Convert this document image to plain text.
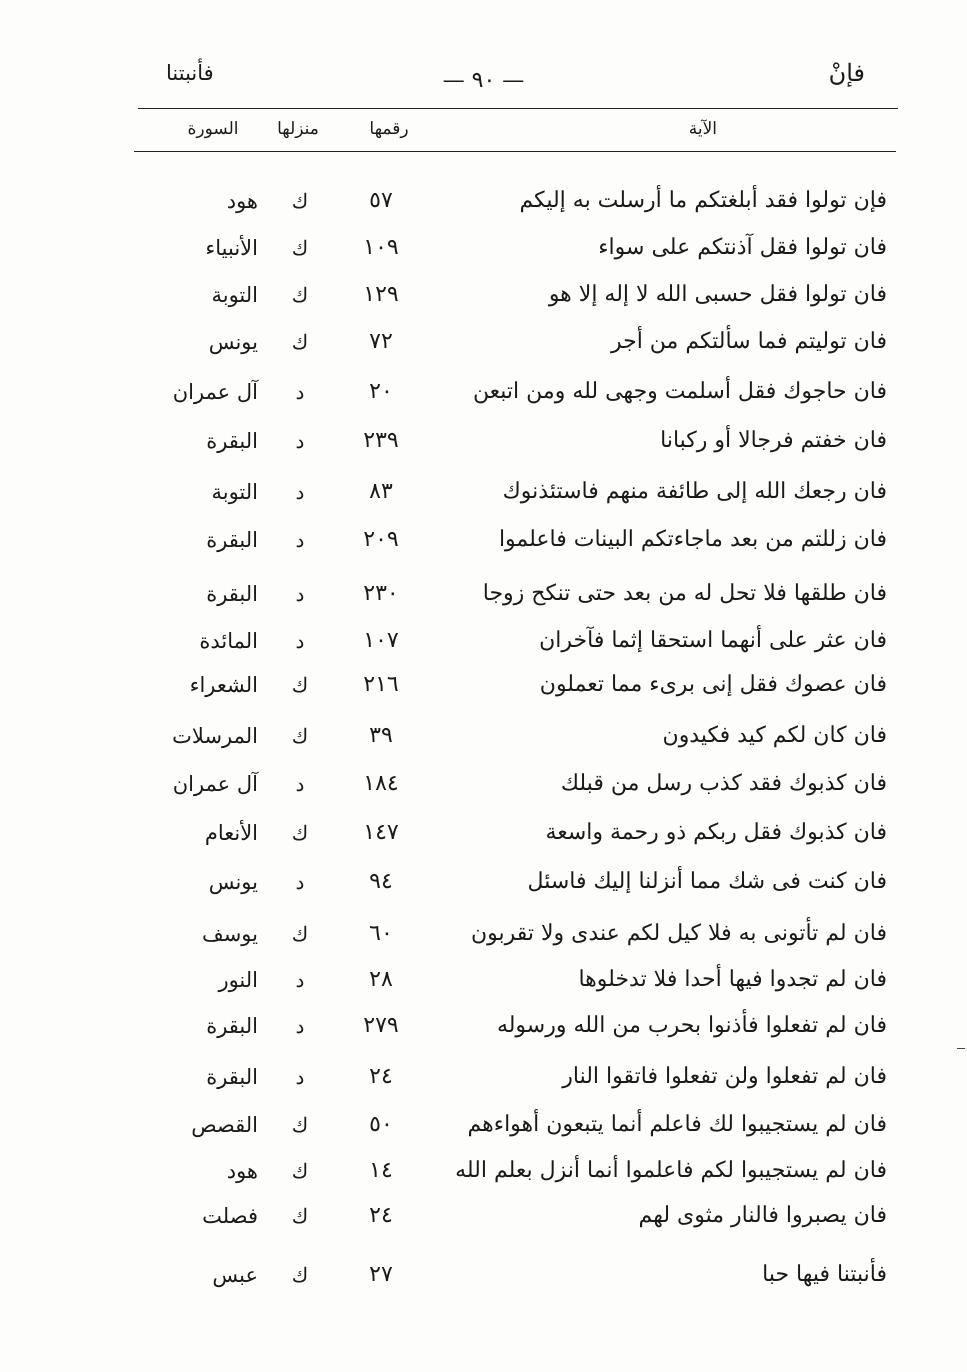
فإنْ
— ٩٠ —
فأنبتنا
الآية
رقمها
منزلها
السورة
فإن تولوا فقد أبلغتكم ما أرسلت به إليكم
٥٧
ك
هود
فان تولوا فقل آذنتكم على سواء
١٠٩
ك
الأنبياء
فان تولوا فقل حسبى الله لا إله إلا هو
١٢٩
ك
التوبة
فان توليتم فما سألتكم من أجر
٧٢
ك
يونس
فان حاجوك فقل أسلمت وجهى لله ومن اتبعن
٢٠
د
آل عمران
فان خفتم فرجالا أو ركبانا
٢٣٩
د
البقرة
فان رجعك الله إلى طائفة منهم فاستئذنوك
٨٣
د
التوبة
فان زللتم من بعد ماجاءتكم البينات فاعلموا
٢٠٩
د
البقرة
فان طلقها فلا تحل له من بعد حتى تنكح زوجا
٢٣٠
د
البقرة
فان عثر على أنهما استحقا إثما فآخران
١٠٧
د
المائدة
فان عصوك فقل إنى برىء مما تعملون
٢١٦
ك
الشعراء
فان كان لكم كيد فكيدون
٣٩
ك
المرسلات
فان كذبوك فقد كذب رسل من قبلك
١٨٤
د
آل عمران
فان كذبوك فقل ربكم ذو رحمة واسعة
١٤٧
ك
الأنعام
فان كنت فى شك مما أنزلنا إليك فاسئل
٩٤
د
يونس
فان لم تأتونى به فلا كيل لكم عندى ولا تقربون
٦٠
ك
يوسف
فان لم تجدوا فيها أحدا فلا تدخلوها
٢٨
د
النور
فان لم تفعلوا فأذنوا بحرب من الله ورسوله
٢٧٩
د
البقرة
فان لم تفعلوا ولن تفعلوا فاتقوا النار
٢٤
د
البقرة
فان لم يستجيبوا لك فاعلم أنما يتبعون أهواءهم
٥٠
ك
القصص
فان لم يستجيبوا لكم فاعلموا أنما أنزل بعلم الله
١٤
ك
هود
فان يصبروا فالنار مثوى لهم
٢٤
ك
فصلت
فأنبتنا فيها حبا
٢٧
ك
عبس
